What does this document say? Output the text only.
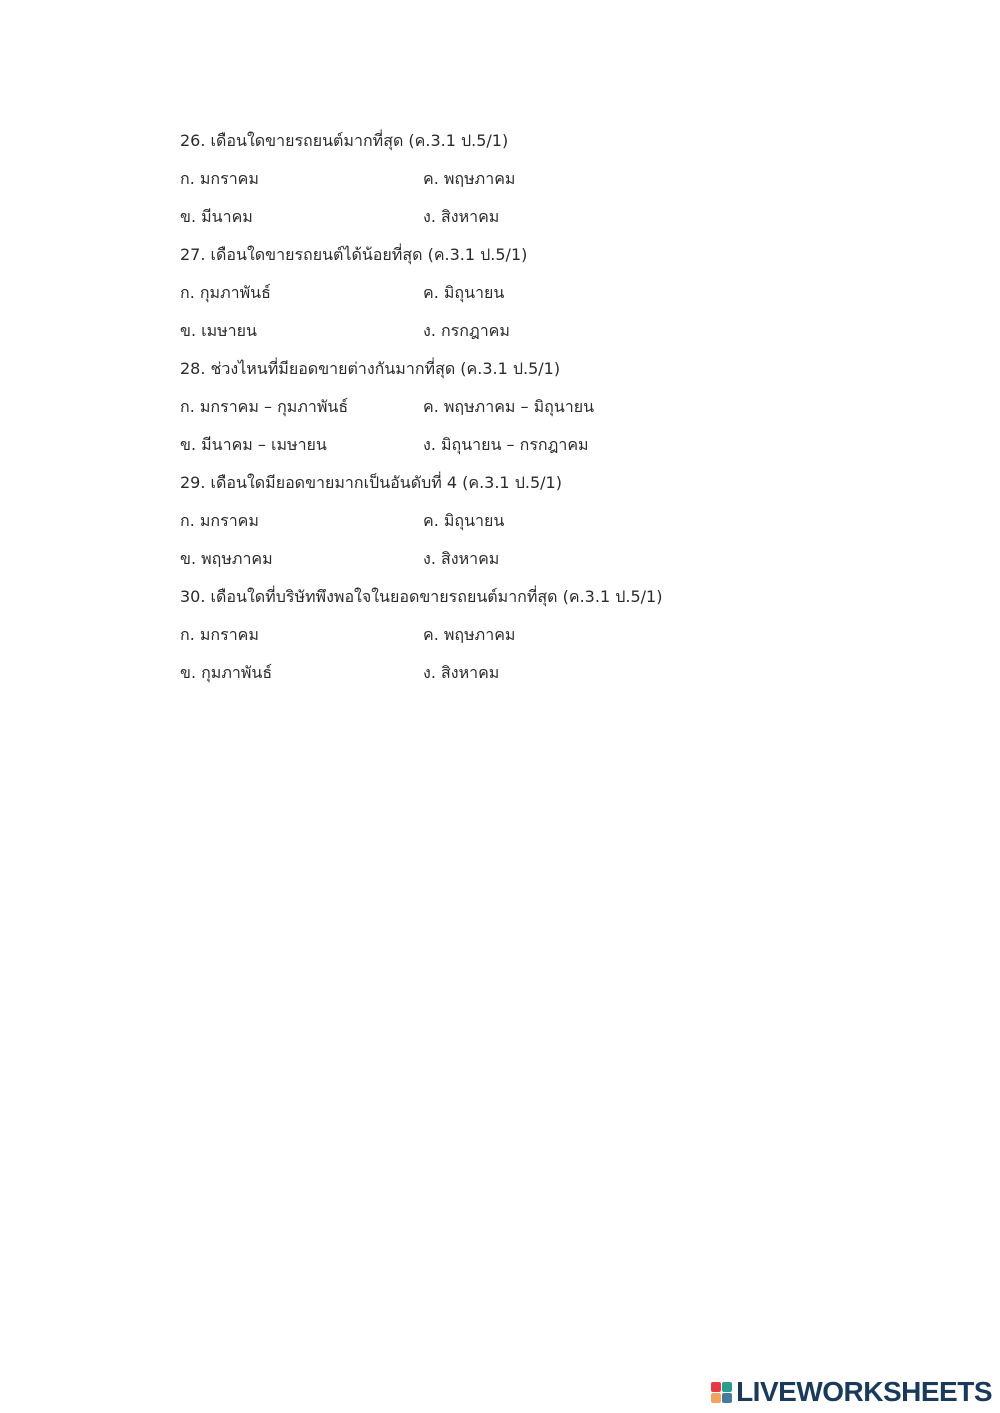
26. เดือนใดขายรถยนต์มากที่สุด (ค.3.1 ป.5/1)
ก. มกราคม	ค. พฤษภาคม
ข. มีนาคม	ง. สิงหาคม
27. เดือนใดขายรถยนต์ได้น้อยที่สุด (ค.3.1 ป.5/1)
ก. กุมภาพันธ์	ค. มิถุนายน
ข. เมษายน	ง. กรกฎาคม
28. ช่วงไหนที่มียอดขายต่างกันมากที่สุด (ค.3.1 ป.5/1)
ก. มกราคม – กุมภาพันธ์	ค. พฤษภาคม – มิถุนายน
ข. มีนาคม – เมษายน	ง. มิถุนายน – กรกฎาคม
29. เดือนใดมียอดขายมากเป็นอันดับที่ 4 (ค.3.1 ป.5/1)
ก. มกราคม	ค. มิถุนายน
ข. พฤษภาคม	ง. สิงหาคม
30. เดือนใดที่บริษัทพึงพอใจในยอดขายรถยนต์มากที่สุด (ค.3.1 ป.5/1)
ก. มกราคม	ค. พฤษภาคม
ข. กุมภาพันธ์	ง. สิงหาคม
LIVEWORKSHEETS
